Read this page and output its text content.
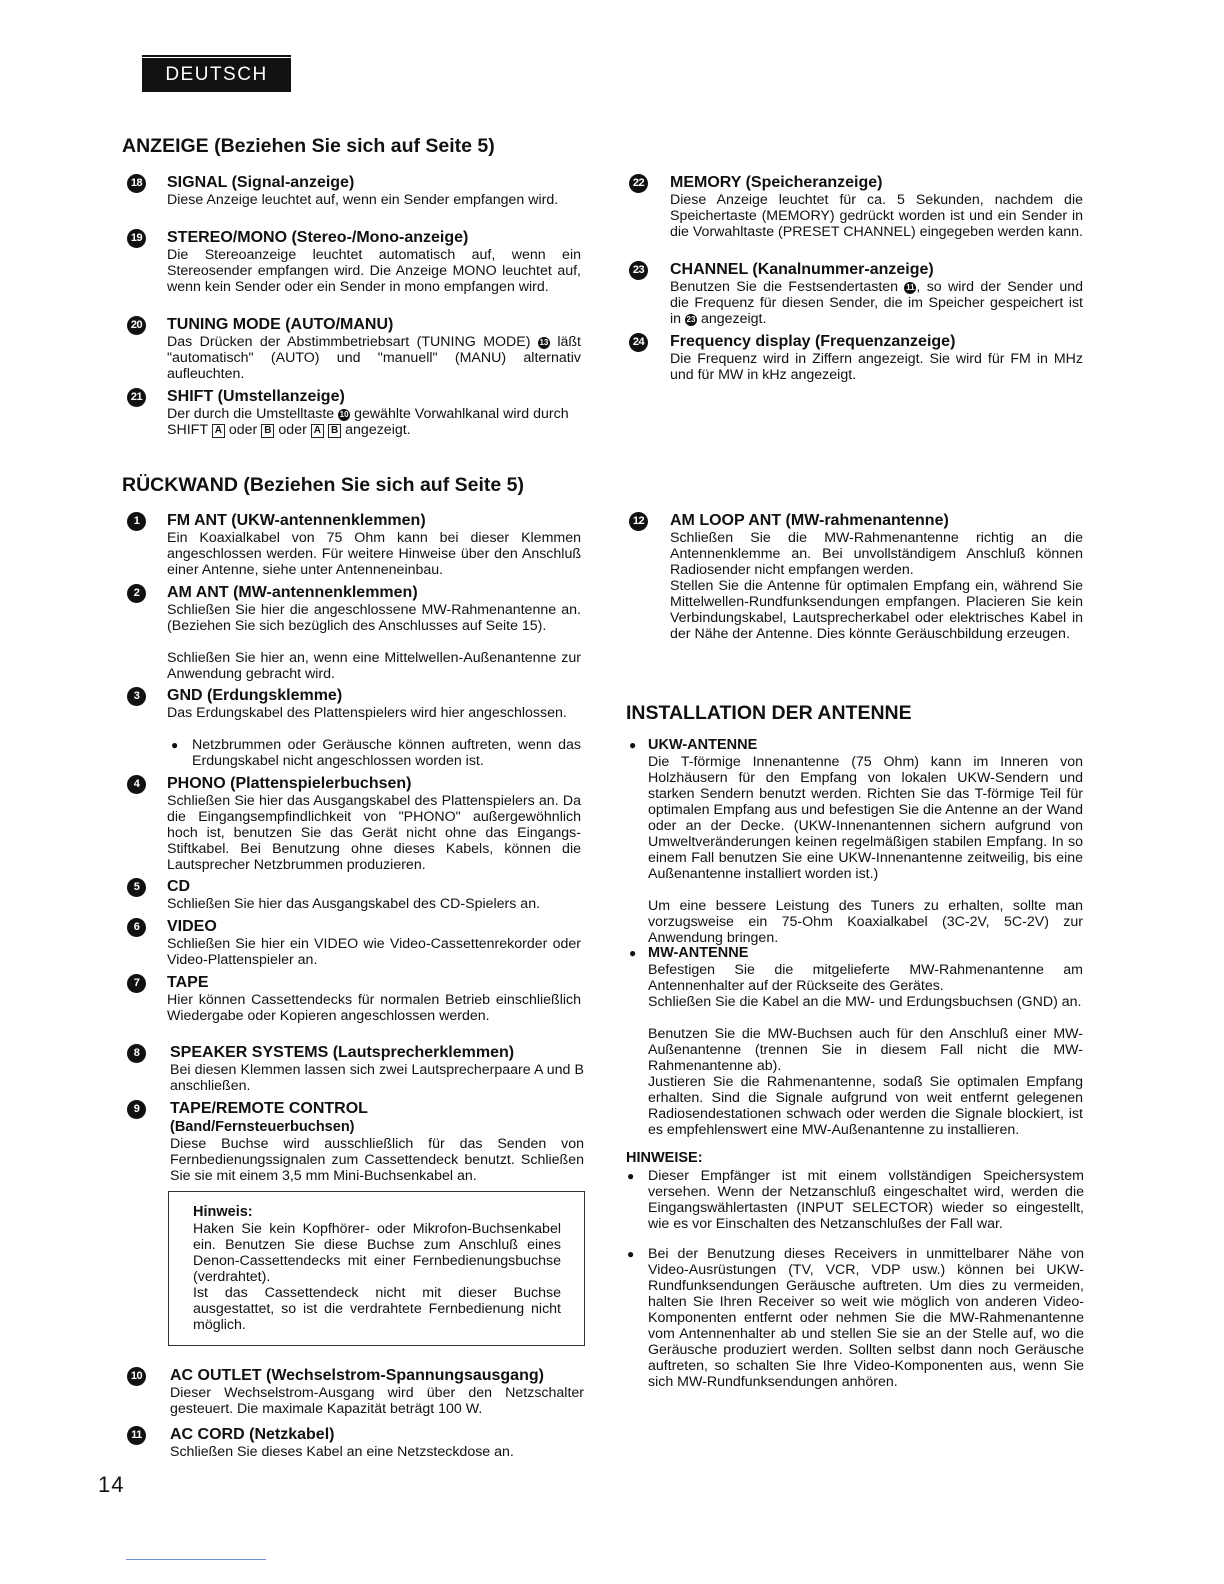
DEUTSCH
ANZEIGE (Beziehen Sie sich auf Seite 5)
18 SIGNAL (Signal-anzeige)
Diese Anzeige leuchtet auf, wenn ein Sender empfangen wird.
19 STEREO/MONO (Stereo-/Mono-anzeige)
Die Stereoanzeige leuchtet automatisch auf, wenn ein Stereosender empfangen wird. Die Anzeige MONO leuchtet auf, wenn kein Sender oder ein Sender in mono empfangen wird.
20 TUNING MODE (AUTO/MANU)
Das Drücken der Abstimmbetriebsart (TUNING MODE) 13 läßt "automatisch" (AUTO) und "manuell" (MANU) alternativ aufleuchten.
21 SHIFT (Umstellanzeige)
Der durch die Umstelltaste 10 gewählte Vorwahlkanal wird durch SHIFT A oder B oder A B angezeigt.
22 MEMORY (Speicheranzeige)
Diese Anzeige leuchtet für ca. 5 Sekunden, nachdem die Speichertaste (MEMORY) gedrückt worden ist und ein Sender in die Vorwahltaste (PRESET CHANNEL) eingegeben werden kann.
23 CHANNEL (Kanalnummer-anzeige)
Benutzen Sie die Festsendertasten 11 , so wird der Sender und die Frequenz für diesen Sender, die im Speicher gespeichert ist in 23 angezeigt.
24 Frequency display (Frequenzanzeige)
Die Frequenz wird in Ziffern angezeigt. Sie wird für FM in MHz und für MW in kHz angezeigt.
RÜCKWAND (Beziehen Sie sich auf Seite 5)
1	FM ANT (UKW-antennenklemmen)
Ein Koaxialkabel von 75 Ohm kann bei dieser Klemmen angeschlossen werden. Für weitere Hinweise über den Anschluß einer Antenne, siehe unter Antenneneinbau.
2	AM ANT (MW-antennenklemmen)
Schließen Sie hier die angeschlossene MW-Rahmenantenne an. (Beziehen Sie sich bezüglich des Anschlusses auf Seite 15).
Schließen Sie hier an, wenn eine Mittelwellen-Außenantenne zur Anwendung gebracht wird.
3	GND (Erdungsklemme)
Das Erdungskabel des Plattenspielers wird hier angeschlossen.
● Netzbrummen oder Geräusche können auftreten, wenn das Erdungskabel nicht angeschlossen worden ist.
4	PHONO (Plattenspielerbuchsen)
Schließen Sie hier das Ausgangskabel des Plattenspielers an. Da die Eingangsempfindlichkeit von "PHONO" außergewöhnlich hoch ist, benutzen Sie das Gerät nicht ohne das Eingangs-Stiftkabel. Bei Benutzung ohne dieses Kabels, können die Lautsprecher Netzbrummen produzieren.
5	CD
Schließen Sie hier das Ausgangskabel des CD-Spielers an.
6	VIDEO
Schließen Sie hier ein VIDEO wie Video-Cassettenrekorder oder Video-Plattenspieler an.
7	TAPE
Hier können Cassettendecks für normalen Betrieb einschließlich Wiedergabe oder Kopieren angeschlossen werden.
8	SPEAKER SYSTEMS (Lautsprecherklemmen)
Bei diesen Klemmen lassen sich zwei Lautsprecherpaare A und B anschließen.
9	TAPE/REMOTE CONTROL
(Band/Fernsteuerbuchsen)
Diese Buchse wird ausschließlich für das Senden von Fernbedienungssignalen zum Cassettendeck benutzt. Schließen Sie sie mit einem 3,5 mm Mini-Buchsenkabel an.
Hinweis:
Haken Sie kein Kopfhörer- oder Mikrofon-Buchsenkabel ein. Benutzen Sie diese Buchse zum Anschluß eines Denon-Cassettendecks mit einer Fernbedienungsbuchse (verdrahtet).
Ist das Cassettendeck nicht mit dieser Buchse ausgestattet, so ist die verdrahtete Fernbedienung nicht möglich.
10 AC OUTLET (Wechselstrom-Spannungsausgang)
Dieser Wechselstrom-Ausgang wird über den Netzschalter gesteuert. Die maximale Kapazität beträgt 100 W.
11 AC CORD (Netzkabel)
Schließen Sie dieses Kabel an eine Netzsteckdose an.
12 AM LOOP ANT (MW-rahmenantenne)
Schließen Sie die MW-Rahmenantenne richtig an die Antennenklemme an. Bei unvollständigem Anschluß können Radiosender nicht empfangen werden.
Stellen Sie die Antenne für optimalen Empfang ein, während Sie Mittelwellen-Rundfunksendungen empfangen. Placieren Sie kein Verbindungskabel, Lautsprecherkabel oder elektrisches Kabel in der Nähe der Antenne. Dies könnte Geräuschbildung erzeugen.
INSTALLATION DER ANTENNE
● UKW-ANTENNE
Die T-förmige Innenantenne (75 Ohm) kann im Inneren von Holzhäusern für den Empfang von lokalen UKW-Sendern und starken Sendern benutzt werden. Richten Sie das T-förmige Teil für optimalen Empfang aus und befestigen Sie die Antenne an der Wand oder an der Decke. (UKW-Innenantennen sichern aufgrund von Umweltveränderungen keinen regelmäßigen stabilen Empfang. In so einem Fall benutzen Sie eine UKW-Innenantenne zeitweilig, bis eine Außenantenne installiert worden ist.)
Um eine bessere Leistung des Tuners zu erhalten, sollte man vorzugsweise ein 75-Ohm Koaxialkabel (3C-2V, 5C-2V) zur Anwendung bringen.
● MW-ANTENNE
Befestigen Sie die mitgelieferte MW-Rahmenantenne am Antennenhalter auf der Rückseite des Gerätes.
Schließen Sie die Kabel an die MW- und Erdungsbuchsen (GND) an.
Benutzen Sie die MW-Buchsen auch für den Anschluß einer MW-Außenantenne (trennen Sie in diesem Fall nicht die MW-Rahmenantenne ab).
Justieren Sie die Rahmenantenne, sodaß Sie optimalen Empfang erhalten. Sind die Signale aufgrund von weit entfernt gelegenen Radiosendestationen schwach oder werden die Signale blockiert, ist es empfehlenswert eine MW-Außenantenne zu installieren.
HINWEISE:
● Dieser Empfänger ist mit einem vollständigen Speichersystem versehen. Wenn der Netzanschluß eingeschaltet wird, werden die Eingangswählertasten (INPUT SELECTOR) wieder so eingestellt, wie es vor Einschalten des Netzanschlußes der Fall war.
● Bei der Benutzung dieses Receivers in unmittelbarer Nähe von Video-Ausrüstungen (TV, VCR, VDP usw.) können bei UKW-Rundfunksendungen Geräusche auftreten. Um dies zu vermeiden, halten Sie Ihren Receiver so weit wie möglich von anderen Video-Komponenten entfernt oder nehmen Sie die MW-Rahmenantenne vom Antennenhalter ab und stellen Sie sie an der Stelle auf, wo die Geräusche produziert werden. Sollten selbst dann noch Geräusche auftreten, so schalten Sie Ihre Video-Komponenten aus, wenn Sie sich MW-Rundfunksendungen anhören.
14
